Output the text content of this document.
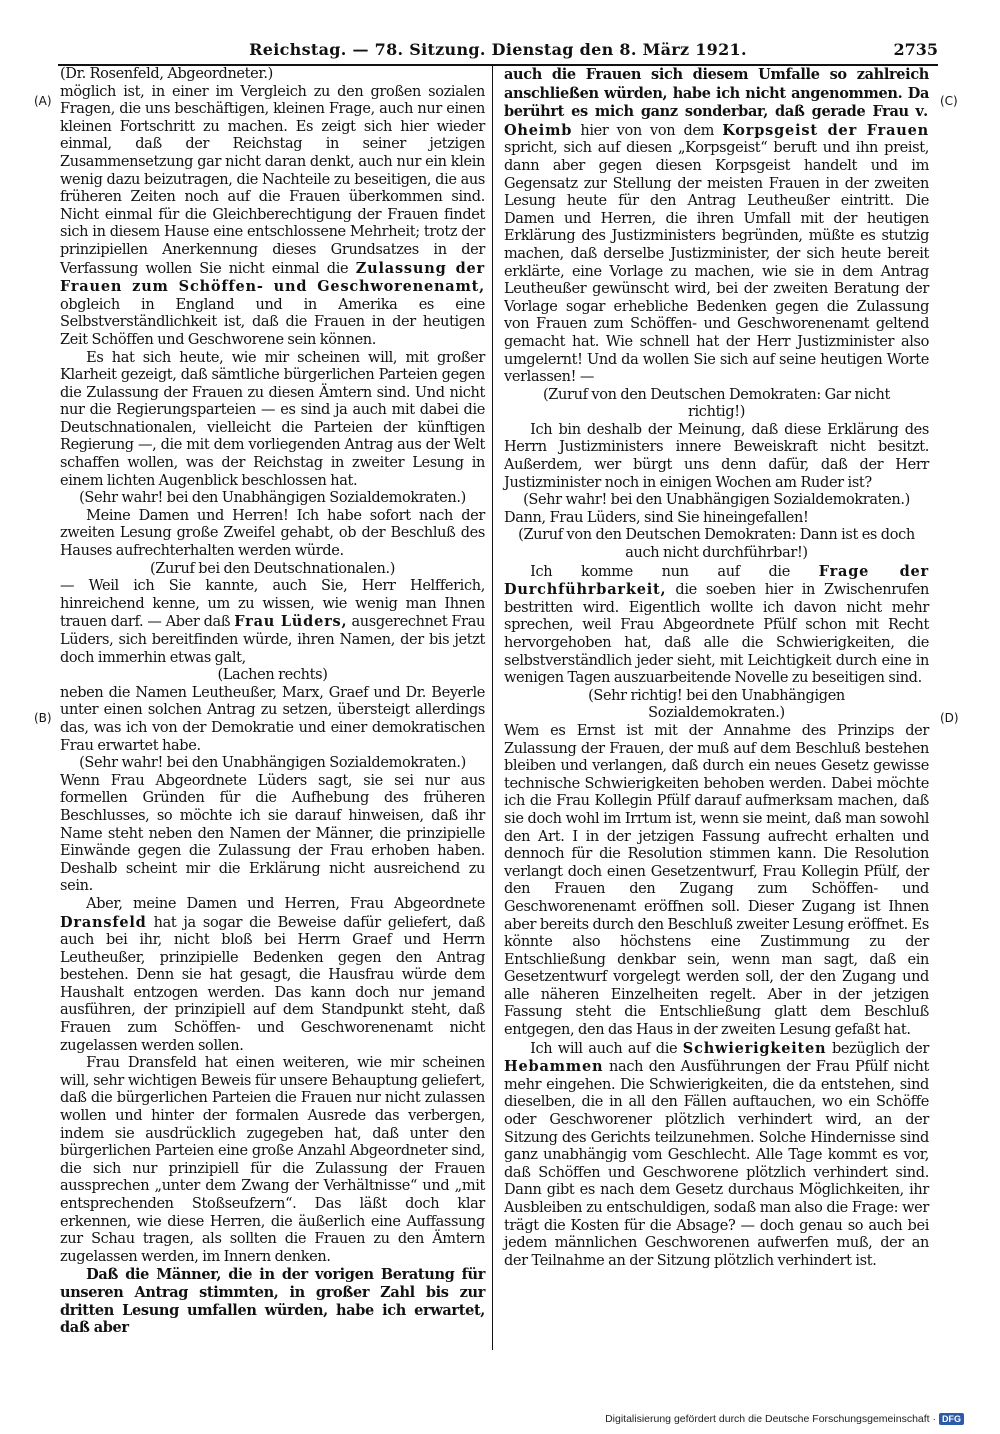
Reichstag. — 78. Sitzung. Dienstag den 8. März 1921.	2735
(A)
(B)
(C)
(D)

(Dr. Rosenfeld, Abgeordneter.)

möglich ist, in einer im Vergleich zu den großen sozialen Fragen, die uns beschäftigen, kleinen Frage, auch nur einen kleinen Fortschritt zu machen. Es zeigt sich hier wieder einmal, daß der Reichstag in seiner jetzigen Zusammensetzung gar nicht daran denkt, auch nur ein klein wenig dazu beizutragen, die Nachteile zu beseitigen, die aus früheren Zeiten noch auf die Frauen überkommen sind. Nicht einmal für die Gleichberechtigung der Frauen findet sich in diesem Hause eine entschlossene Mehrheit; trotz der prinzipiellen Anerkennung dieses Grundsatzes in der Verfassung wollen Sie nicht einmal die Zulassung der Frauen zum Schöffen- und Geschworenenamt, obgleich in England und in Amerika es eine Selbstverständlichkeit ist, daß die Frauen in der heutigen Zeit Schöffen und Geschworene sein können.

Es hat sich heute, wie mir scheinen will, mit großer Klarheit gezeigt, daß sämtliche bürgerlichen Parteien gegen die Zulassung der Frauen zu diesen Ämtern sind. Und nicht nur die Regierungsparteien — es sind ja auch mit dabei die Deutschnationalen, vielleicht die Parteien der künftigen Regierung —, die mit dem vorliegenden Antrag aus der Welt schaffen wollen, was der Reichstag in zweiter Lesung in einem lichten Augenblick beschlossen hat.

(Sehr wahr! bei den Unabhängigen Sozialdemokraten.)

Meine Damen und Herren! Ich habe sofort nach der zweiten Lesung große Zweifel gehabt, ob der Beschluß des Hauses aufrechterhalten werden würde.

(Zuruf bei den Deutschnationalen.)

— Weil ich Sie kannte, auch Sie, Herr Helfferich, hinreichend kenne, um zu wissen, wie wenig man Ihnen trauen darf. — Aber daß Frau Lüders, ausgerechnet Frau Lüders, sich bereitfinden würde, ihren Namen, der bis jetzt doch immerhin etwas galt,

(Lachen rechts)

neben die Namen Leutheußer, Marx, Graef und Dr. Beyerle unter einen solchen Antrag zu setzen, übersteigt allerdings das, was ich von der Demokratie und einer demokratischen Frau erwartet habe.

(Sehr wahr! bei den Unabhängigen Sozialdemokraten.)

Wenn Frau Abgeordnete Lüders sagt, sie sei nur aus formellen Gründen für die Aufhebung des früheren Beschlusses, so möchte ich sie darauf hinweisen, daß ihr Name steht neben den Namen der Männer, die prinzipielle Einwände gegen die Zulassung der Frau erhoben haben. Deshalb scheint mir die Erklärung nicht ausreichend zu sein.

Aber, meine Damen und Herren, Frau Abgeordnete Dransfeld hat ja sogar die Beweise dafür geliefert, daß auch bei ihr, nicht bloß bei Herrn Graef und Herrn Leutheußer, prinzipielle Bedenken gegen den Antrag bestehen. Denn sie hat gesagt, die Hausfrau würde dem Haushalt entzogen werden. Das kann doch nur jemand ausführen, der prinzipiell auf dem Standpunkt steht, daß Frauen zum Schöffen- und Geschworenenamt nicht zugelassen werden sollen.

Frau Dransfeld hat einen weiteren, wie mir scheinen will, sehr wichtigen Beweis für unsere Behauptung geliefert, daß die bürgerlichen Parteien die Frauen nur nicht zulassen wollen und hinter der formalen Ausrede das verbergen, indem sie ausdrücklich zugegeben hat, daß unter den bürgerlichen Parteien eine große Anzahl Abgeordneter sind, die sich nur prinzipiell für die Zulassung der Frauen aussprechen „unter dem Zwang der Verhältnisse“ und „mit entsprechenden Stoßseufzern“. Das läßt doch klar erkennen, wie diese Herren, die äußerlich eine Auffassung zur Schau tragen, als sollten die Frauen zu den Ämtern zugelassen werden, im Innern denken.

Daß die Männer, die in der vorigen Beratung für unseren Antrag stimmten, in großer Zahl bis zur dritten Lesung umfallen würden, habe ich erwartet, daß aber

auch die Frauen sich diesem Umfalle so zahlreich anschließen würden, habe ich nicht angenommen. Da berührt es mich ganz sonderbar, daß gerade Frau v. Oheimb hier von von dem Korpsgeist der Frauen spricht, sich auf diesen „Korpsgeist“ beruft und ihn preist, dann aber gegen diesen Korpsgeist handelt und im Gegensatz zur Stellung der meisten Frauen in der zweiten Lesung heute für den Antrag Leutheußer eintritt. Die Damen und Herren, die ihren Umfall mit der heutigen Erklärung des Justizministers begründen, müßte es stutzig machen, daß derselbe Justizminister, der sich heute bereit erklärte, eine Vorlage zu machen, wie sie in dem Antrag Leutheußer gewünscht wird, bei der zweiten Beratung der Vorlage sogar erhebliche Bedenken gegen die Zulassung von Frauen zum Schöffen- und Geschworenenamt geltend gemacht hat. Wie schnell hat der Herr Justizminister also umgelernt! Und da wollen Sie sich auf seine heutigen Worte verlassen! —

(Zuruf von den Deutschen Demokraten: Gar nicht richtig!)

Ich bin deshalb der Meinung, daß diese Erklärung des Herrn Justizministers innere Beweiskraft nicht besitzt. Außerdem, wer bürgt uns denn dafür, daß der Herr Justizminister noch in einigen Wochen am Ruder ist?

(Sehr wahr! bei den Unabhängigen Sozialdemokraten.)

Dann, Frau Lüders, sind Sie hineingefallen!

(Zuruf von den Deutschen Demokraten: Dann ist es doch auch nicht durchführbar!)

Ich komme nun auf die Frage der Durchführbarkeit, die soeben hier in Zwischenrufen bestritten wird. Eigentlich wollte ich davon nicht mehr sprechen, weil Frau Abgeordnete Pfülf schon mit Recht hervorgehoben hat, daß alle die Schwierigkeiten, die selbstverständlich jeder sieht, mit Leichtigkeit durch eine in wenigen Tagen auszuarbeitende Novelle zu beseitigen sind.

(Sehr richtig! bei den Unabhängigen Sozialdemokraten.)

Wem es Ernst ist mit der Annahme des Prinzips der Zulassung der Frauen, der muß auf dem Beschluß bestehen bleiben und verlangen, daß durch ein neues Gesetz gewisse technische Schwierigkeiten behoben werden. Dabei möchte ich die Frau Kollegin Pfülf darauf aufmerksam machen, daß sie doch wohl im Irrtum ist, wenn sie meint, daß man sowohl den Art. I in der jetzigen Fassung aufrecht erhalten und dennoch für die Resolution stimmen kann. Die Resolution verlangt doch einen Gesetzentwurf, Frau Kollegin Pfülf, der den Frauen den Zugang zum Schöffen- und Geschworenenamt eröffnen soll. Dieser Zugang ist Ihnen aber bereits durch den Beschluß zweiter Lesung eröffnet. Es könnte also höchstens eine Zustimmung zu der Entschließung denkbar sein, wenn man sagt, daß ein Gesetzentwurf vorgelegt werden soll, der den Zugang und alle näheren Einzelheiten regelt. Aber in der jetzigen Fassung steht die Entschließung glatt dem Beschluß entgegen, den das Haus in der zweiten Lesung gefaßt hat.

Ich will auch auf die Schwierigkeiten bezüglich der Hebammen nach den Ausführungen der Frau Pfülf nicht mehr eingehen. Die Schwierigkeiten, die da entstehen, sind dieselben, die in all den Fällen auftauchen, wo ein Schöffe oder Geschworener plötzlich verhindert wird, an der Sitzung des Gerichts teilzunehmen. Solche Hindernisse sind ganz unabhängig vom Geschlecht. Alle Tage kommt es vor, daß Schöffen und Geschworene plötzlich verhindert sind. Dann gibt es nach dem Gesetz durchaus Möglichkeiten, ihr Ausbleiben zu entschuldigen, sodaß man also die Frage: wer trägt die Kosten für die Absage? — doch genau so auch bei jedem männlichen Geschworenen aufwerfen muß, der an der Teilnahme an der Sitzung plötzlich verhindert ist.

Digitalisierung gefördert durch die Deutsche Forschungsgemeinschaft · DFG
